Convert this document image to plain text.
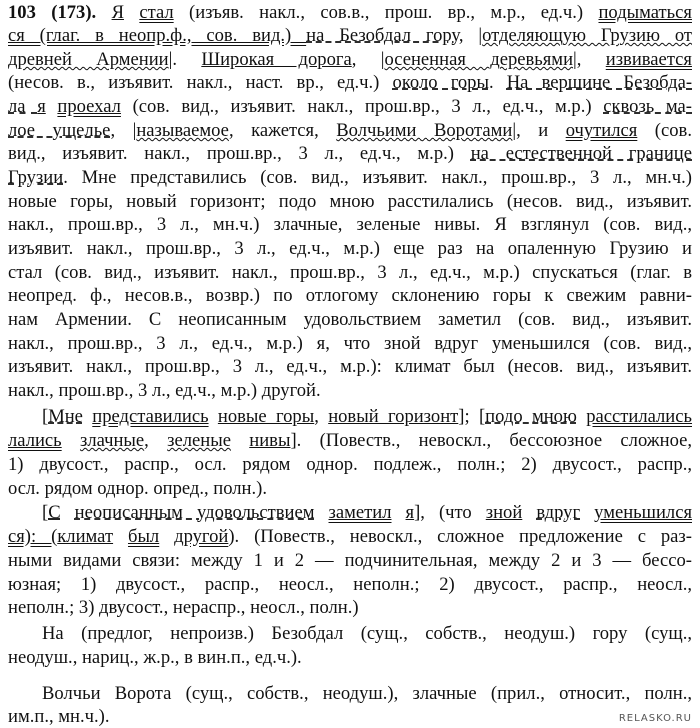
103 (173). Я стал (изъяв. накл., сов.в., прош. вр., м.р., ед.ч.) подыматься
ся (глаг. в неопр.ф., сов. вид.) на Безобдал гору, |отделяющую Грузию от
древней Армении|. Широкая дорога, |осененная деревьями|, извивается
(несов. в., изъявит. накл., наст. вр., ед.ч.) около горы. На вершине Безобда-
ла я проехал (сов. вид., изъявит. накл., прош.вр., 3 л., ед.ч., м.р.) сквозь ма-
лое ущелье, |называемое, кажется, Волчьими Воротами|, и очутился (сов.
вид., изъявит. накл., прош.вр., 3 л., ед.ч., м.р.) на естественной границе
Грузии. Мне представились (сов. вид., изъявит. накл., прош.вр., 3 л., мн.ч.)
новые горы, новый горизонт; подо мною расстилались (несов. вид., изъявит.
накл., прош.вр., 3 л., мн.ч.) злачные, зеленые нивы. Я взглянул (сов. вид.,
изъявит. накл., прош.вр., 3 л., ед.ч., м.р.) еще раз на опаленную Грузию и
стал (сов. вид., изъявит. накл., прош.вр., 3 л., ед.ч., м.р.) спускаться (глаг. в
неопред. ф., несов.в., возвр.) по отлогому склонению горы к свежим равни-
нам Армении. С неописанным удовольствием заметил (сов. вид., изъявит.
накл., прош.вр., 3 л., ед.ч., м.р.) я, что зной вдруг уменьшился (сов. вид.,
изъявит. накл., прош.вр., 3 л., ед.ч., м.р.): климат был (несов. вид., изъявит.
накл., прош.вр., 3 л., ед.ч., м.р.) другой.
[Мне представились новые горы, новый горизонт]; [подо мною расстилались
лались злачные, зеленые нивы]. (Повеств., невоскл., бессоюзное сложное,
1) двусост., распр., осл. рядом однор. подлеж., полн.; 2) двусост., распр.,
осл. рядом однор. опред., полн.).
[С неописанным удовольствием заметил я], (что зной вдруг уменьшился
ся): (климат был другой). (Повеств., невоскл., сложное предложение с раз-
ными видами связи: между 1 и 2 — подчинительная, между 2 и 3 — бессо-
юзная; 1) двусост., распр., неосл., неполн.; 2) двусост., распр., неосл.,
неполн.; 3) двусост., нераспр., неосл., полн.)
На (предлог, непроизв.) Безобдал (сущ., собств., неодуш.) гору (сущ.,
неодуш., нариц., ж.р., в вин.п., ед.ч.).
Волчьи Ворота (сущ., собств., неодуш.), злачные (прил., относит., полн.,
им.п., мн.ч.).	RELASKO.RU
